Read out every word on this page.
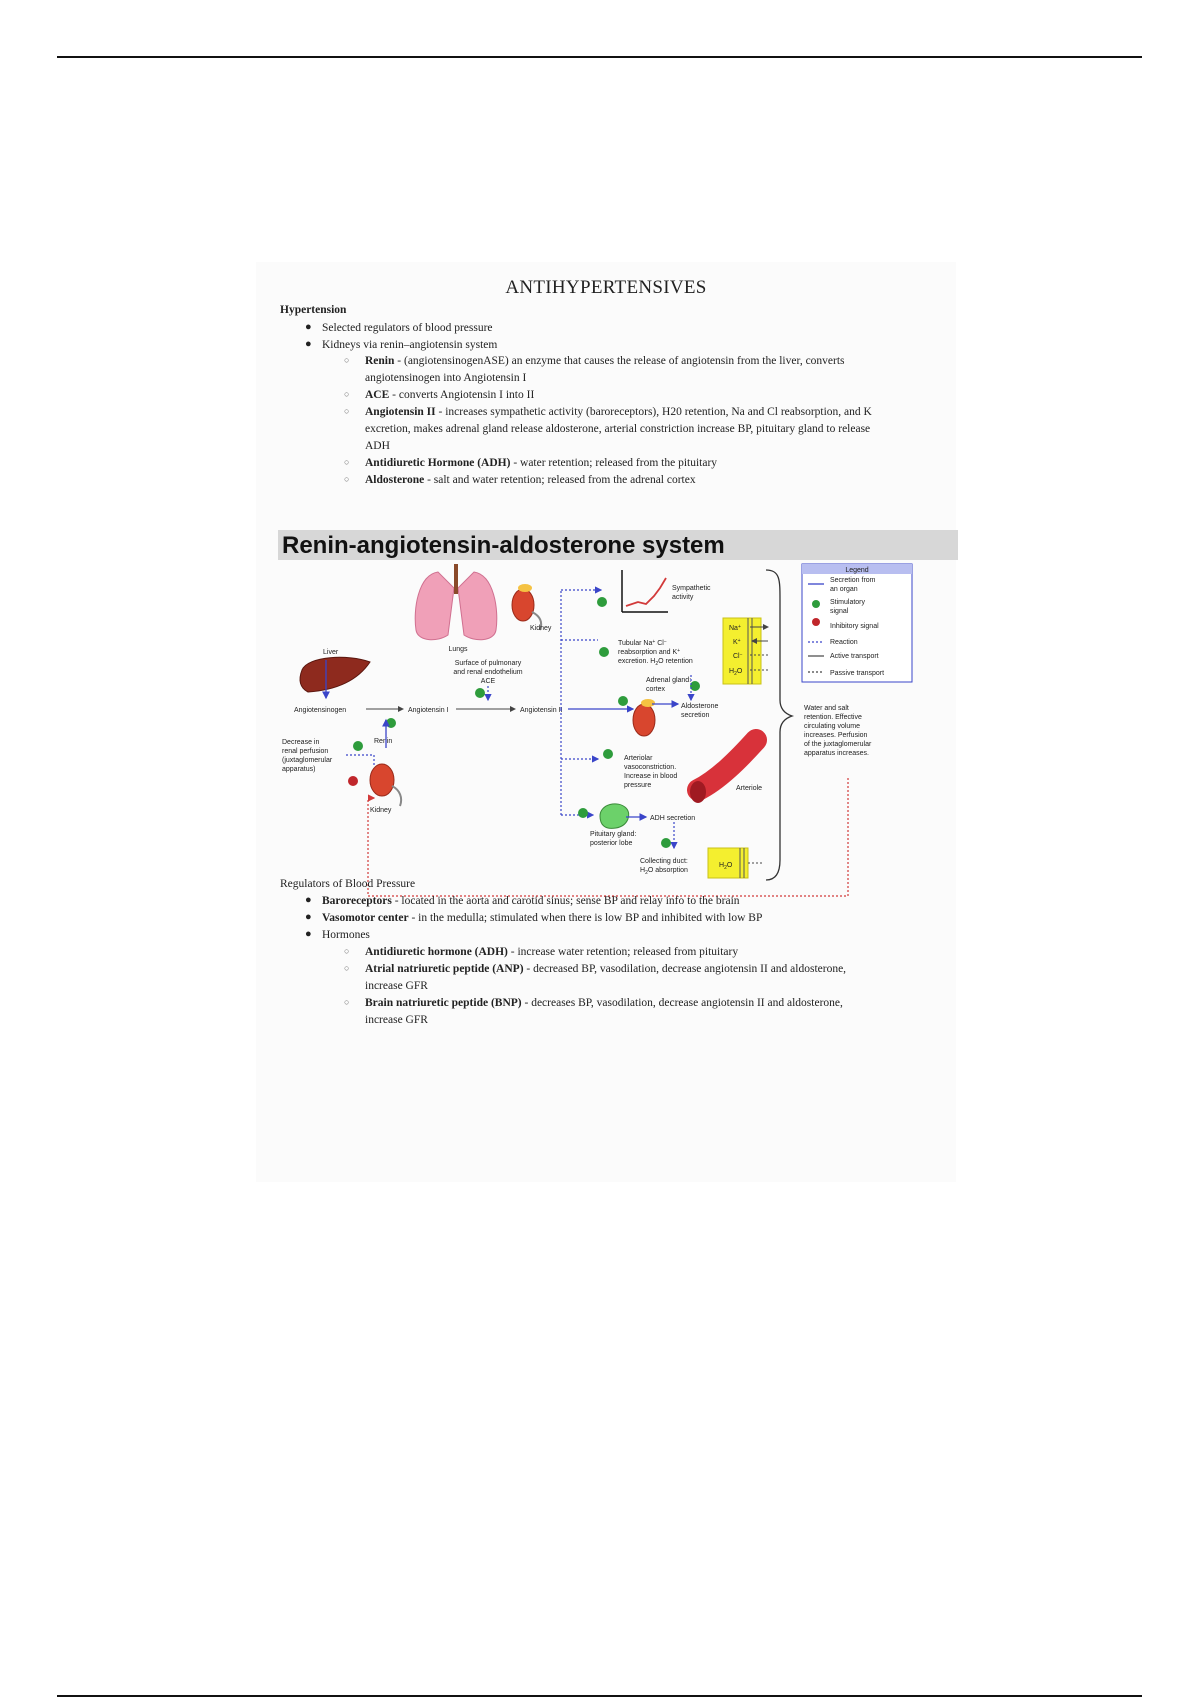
ANTIHYPERTENSIVES
Hypertension
● Selected regulators of blood pressure
● Kidneys via renin–angiotensin system
○ Renin - (angiotensinogenASE) an enzyme that causes the release of angiotensin from the liver, converts
angiotensinogen into Angiotensin I
○ ACE - converts Angiotensin I into II
○ Angiotensin II - increases sympathetic activity (baroreceptors), H20 retention, Na and Cl reabsorption, and K
excretion, makes adrenal gland release aldosterone, arterial constriction increase BP, pituitary gland to release
ADH
○ Antidiuretic Hormone (ADH) - water retention; released from the pituitary
○ Aldosterone - salt and water retention; released from the adrenal cortex
Renin-angiotensin-aldosterone system
Lungs
Kidney
Surface of pulmonary
and renal endothelium
ACE
Liver
Angiotensinogen	Angiotensin I	Angiotensin II
Renin
Decrease in
renal perfusion
(juxtaglomerular
apparatus)
Kidney
Sympathetic
activity
Tubular Na+ Cl−
reabsorption and K+
excretion. $H_2O$ retention
Na+
K+
Cl−
$H_2O$
Adrenal gland:
cortex
Aldosterone
secretion
Arteriolar
vasoconstriction.
Increase in blood
pressure	Arteriole
ADH secretion
Pituitary gland:
posterior lobe
Collecting duct:
$H_2O$ absorption
$H_2O$
Water and salt
retention. Effective
circulating volume
increases. Perfusion
of the juxtaglomerular
apparatus increases.
Legend
Secretion from
an organ
Stimulatory
signal
Inhibitory signal
Reaction
Active transport
Passive transport
Regulators of Blood Pressure
● Baroreceptors - located in the aorta and carotid sinus; sense BP and relay info to the brain
● Vasomotor center - in the medulla; stimulated when there is low BP and inhibited with low BP
● Hormones
○ Antidiuretic hormone (ADH) - increase water retention; released from pituitary
○ Atrial natriuretic peptide (ANP) - decreased BP, vasodilation, decrease angiotensin II and aldosterone,
increase GFR
○ Brain natriuretic peptide (BNP) - decreases BP, vasodilation, decrease angiotensin II and aldosterone,
increase GFR
